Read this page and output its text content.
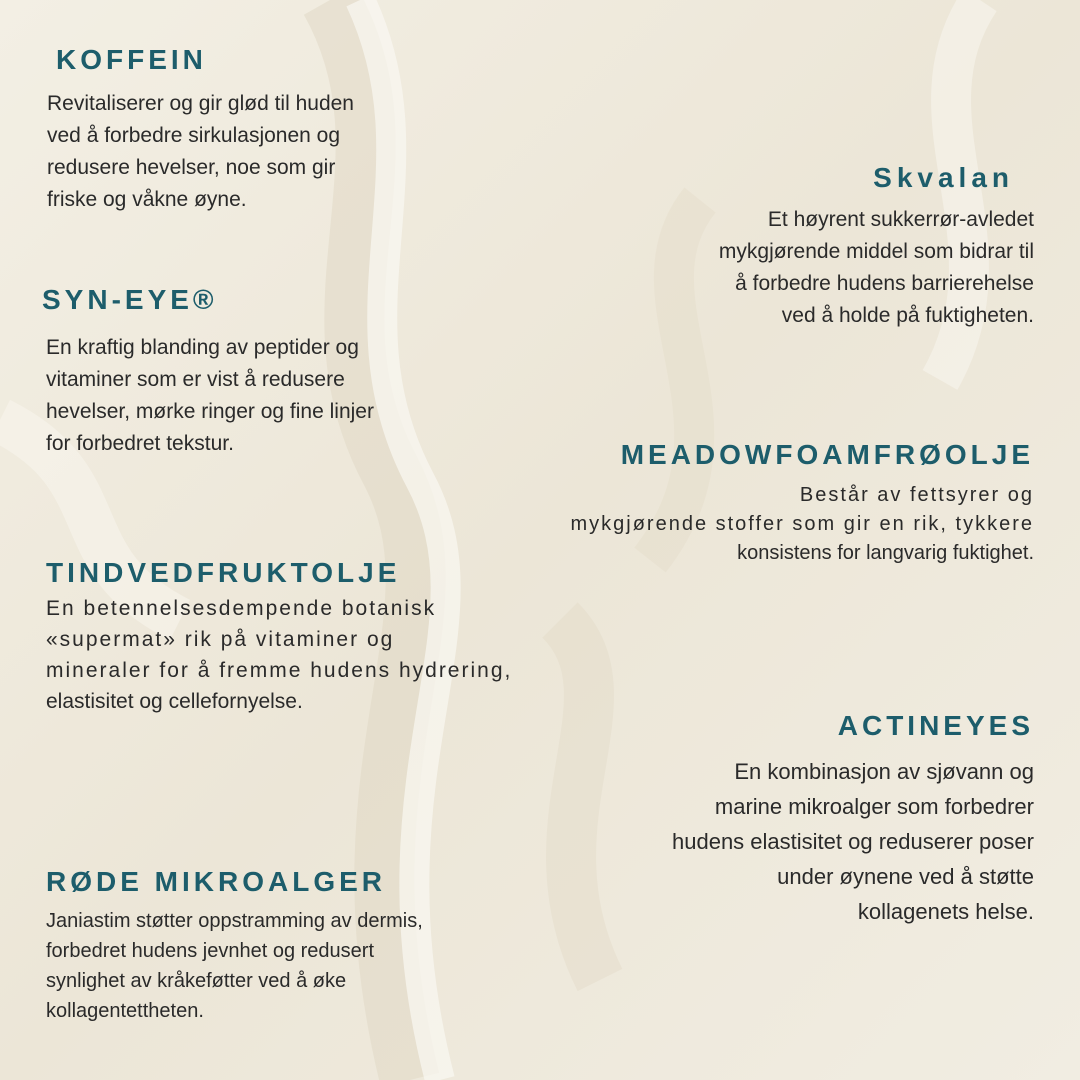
KOFFEIN
Revitaliserer og gir glød til huden
ved å forbedre sirkulasjonen og
redusere hevelser, noe som gir
friske og våkne øyne.
Skvalan
Et høyrent sukkerrør-avledet
mykgjørende middel som bidrar til
å forbedre hudens barrierehelse
ved å holde på fuktigheten.
SYN-EYE®
En kraftig blanding av peptider og
vitaminer som er vist å redusere
hevelser, mørke ringer og fine linjer
for forbedret tekstur.	MEADOWFOAMFRØOLJE
Består av fettsyrer og
mykgjørende stoffer som gir en rik, tykkere
konsistens for langvarig fuktighet.
TINDVEDFRUKTOLJE
En betennelsesdempende botanisk
«supermat» rik på vitaminer og
mineraler for å fremme hudens hydrering,
elastisitet og cellefornyelse.
ACTINEYES
En kombinasjon av sjøvann og
marine mikroalger som forbedrer
hudens elastisitet og reduserer poser
under øynene ved å støtte
kollagenets helse.
RØDE MIKROALGER
Janiastim støtter oppstramming av dermis,
forbedret hudens jevnhet og redusert
synlighet av kråkeføtter ved å øke
kollagentettheten.
